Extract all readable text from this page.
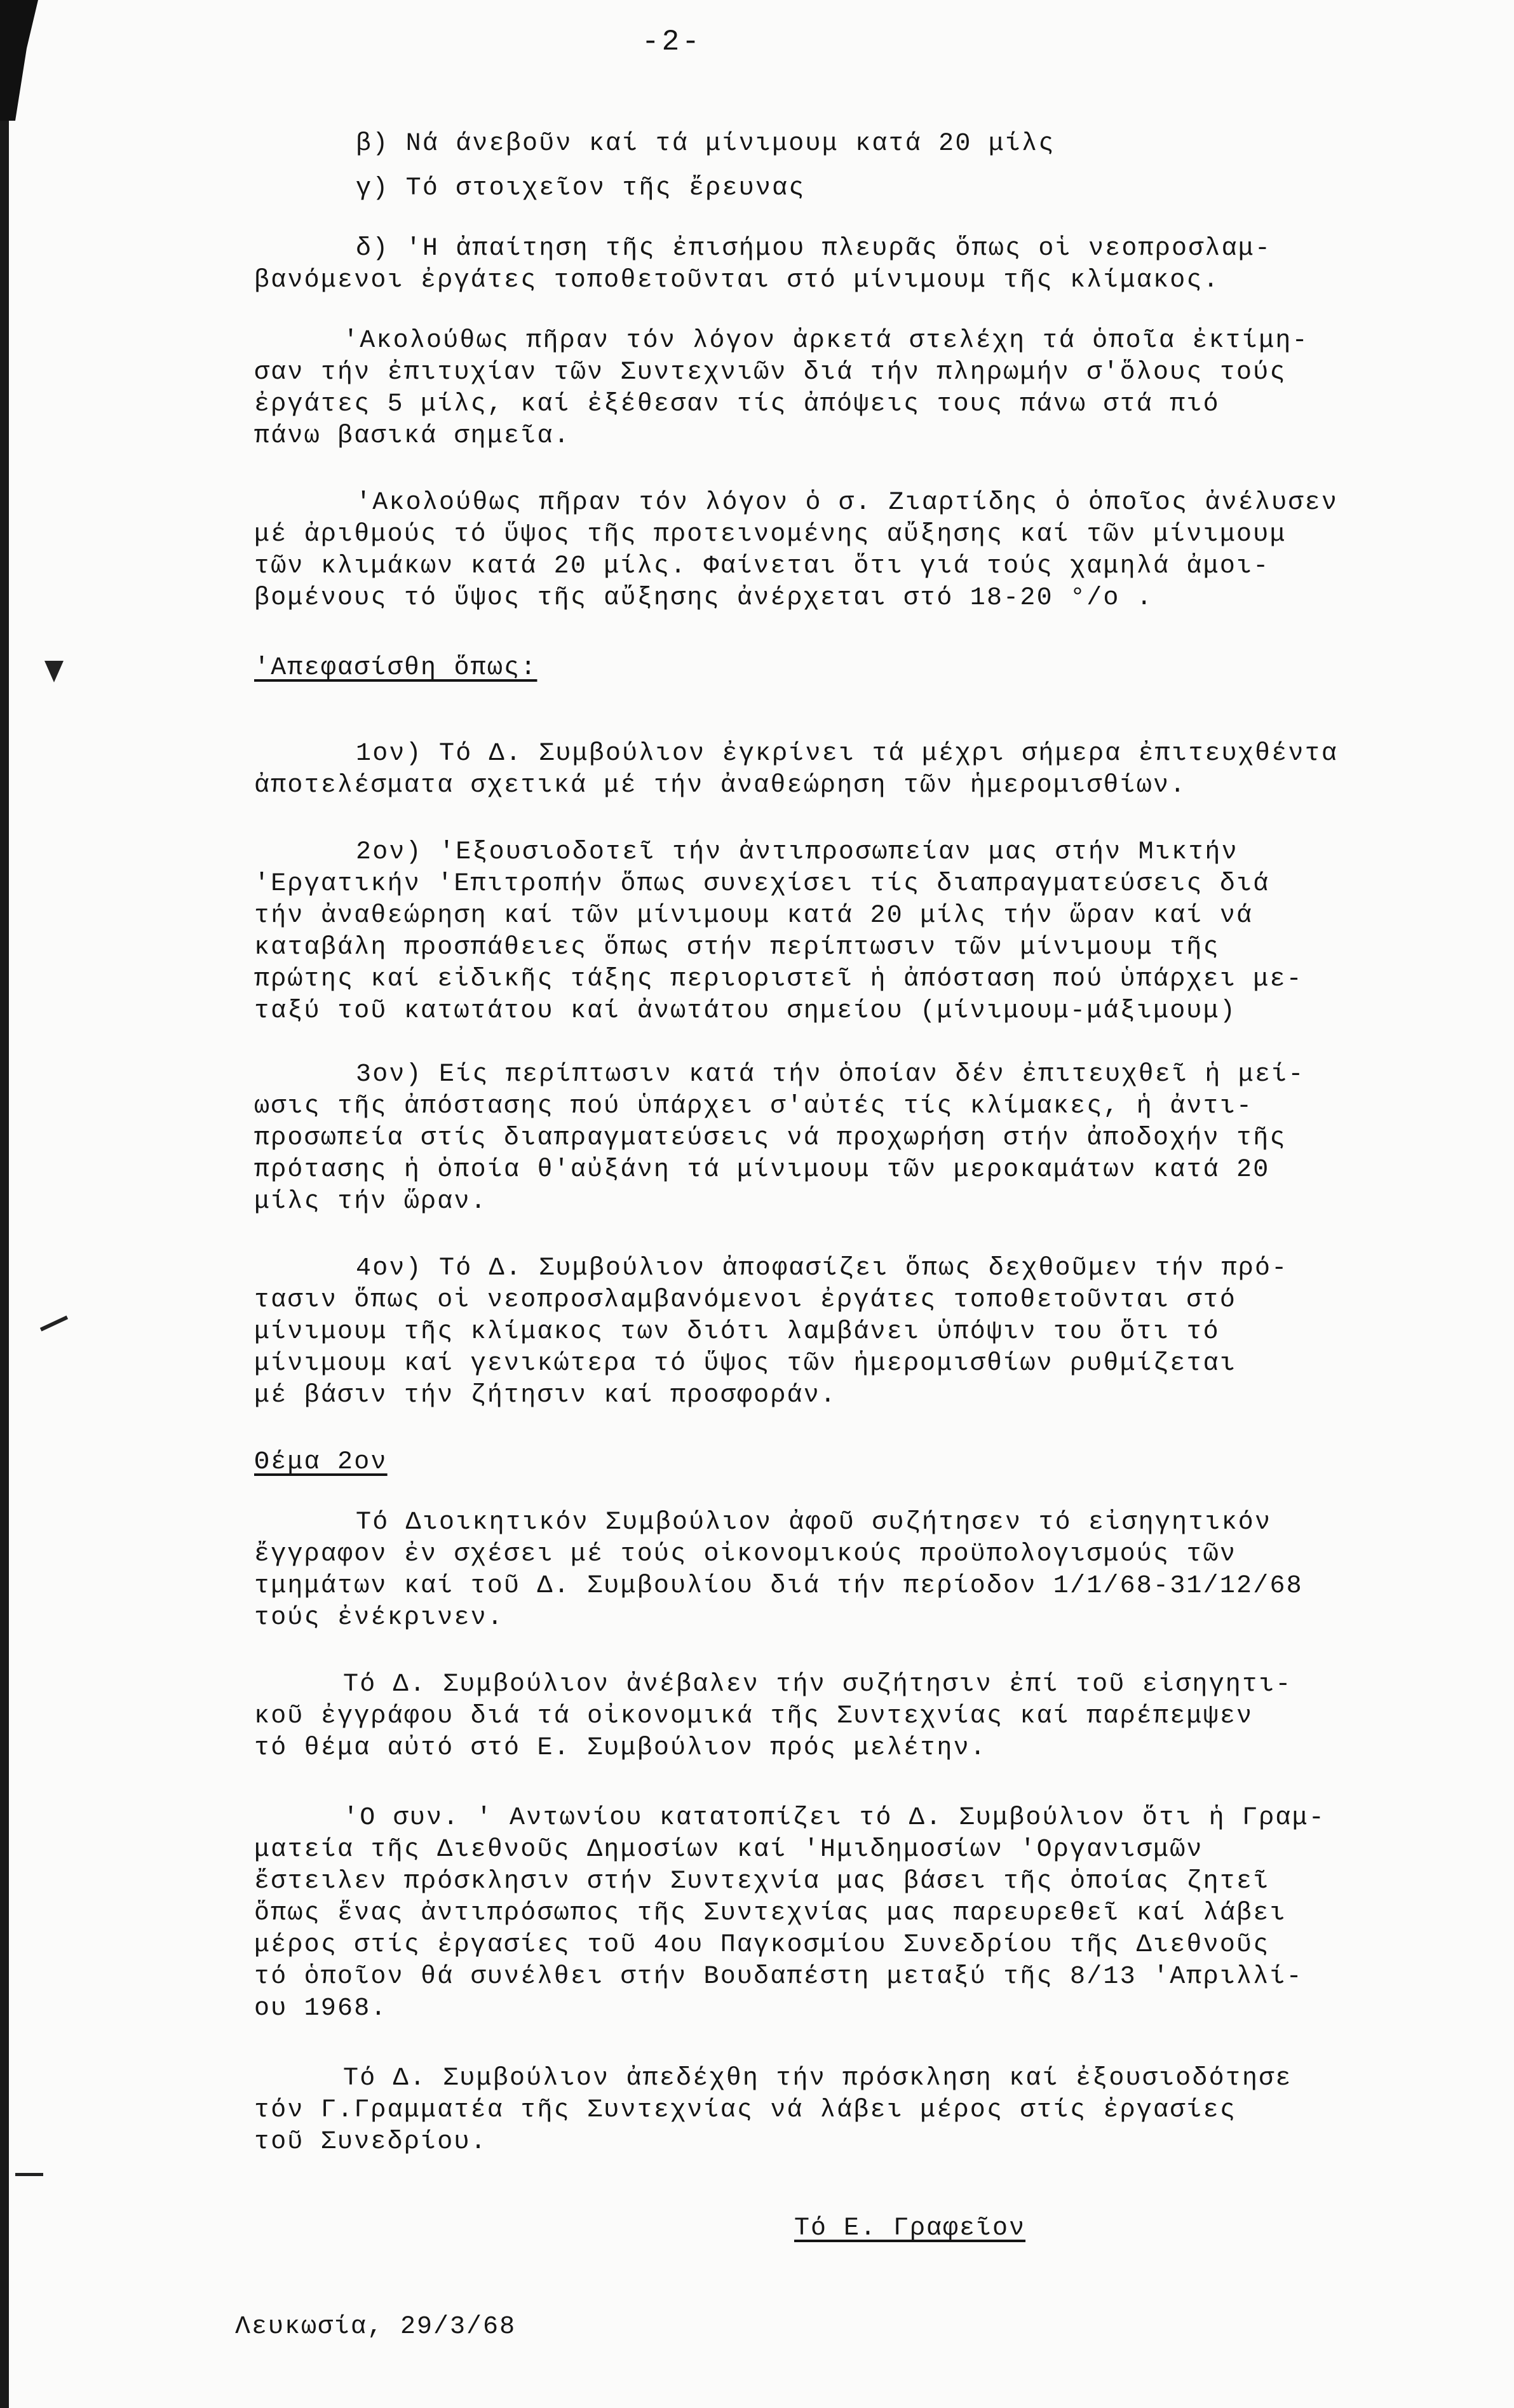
-2-
β) Νά άνεβοῦν καί τά μίνιμουμ κατά 20 μίλς
γ) Τό στοιχεῖον τῆς ἔρευνας
δ) 'Η ἀπαίτηση τῆς ἐπισήμου πλευρᾶς ὅπως οἱ νεοπροσλαμ-
βανόμενοι ἐργάτες τοποθετοῦνται στό μίνιμουμ τῆς κλίμακος.
'Ακολούθως πῆραν τόν λόγον ἀρκετά στελέχη τά ὁποῖα ἐκτίμη-
σαν τήν ἐπιτυχίαν τῶν Συντεχνιῶν διά τήν πληρωμήν σ'ὅλους τούς
ἐργάτες 5 μίλς, καί ἐξέθεσαν τίς ἀπόψεις τους πάνω στά πιό
πάνω βασικά σημεῖα.
'Ακολούθως πῆραν τόν λόγον ὁ σ. Ζιαρτίδης ὁ ὁποῖος ἀνέλυσεν
μέ ἀριθμούς τό ὕψος τῆς προτεινομένης αὔξησης καί τῶν μίνιμουμ
τῶν κλιμάκων κατά 20 μίλς. Φαίνεται ὅτι γιά τούς χαμηλά ἀμοι-
βομένους τό ὕψος τῆς αὔξησης ἀνέρχεται στό 18-20 °/ο .
'Απεφασίσθη ὅπως:
1ον) Τό Δ. Συμβούλιον ἐγκρίνει τά μέχρι σήμερα ἐπιτευχθέντα
ἀποτελέσματα σχετικά μέ τήν ἀναθεώρηση τῶν ἡμερομισθίων.
2ον) 'Εξουσιοδοτεῖ τήν ἀντιπροσωπείαν μας στήν Μικτήν
'Εργατικήν 'Επιτροπήν ὅπως συνεχίσει τίς διαπραγματεύσεις διά
τήν ἀναθεώρηση καί τῶν μίνιμουμ κατά 20 μίλς τήν ὥραν καί νά
καταβάλη προσπάθειες ὅπως στήν περίπτωσιν τῶν μίνιμουμ τῆς
πρώτης καί εἰδικῆς τάξης περιοριστεῖ ἡ ἀπόσταση πού ὑπάρχει με-
ταξύ τοῦ κατωτάτου καί ἀνωτάτου σημείου (μίνιμουμ-μάξιμουμ)
3ον) Είς περίπτωσιν κατά τήν ὁποίαν δέν ἐπιτευχθεῖ ἡ μεί-
ωσις τῆς ἀπόστασης πού ὑπάρχει σ'αὐτές τίς κλίμακες, ἡ ἀντι-
προσωπεία στίς διαπραγματεύσεις νά προχωρήση στήν ἀποδοχήν τῆς
πρότασης ἡ ὁποία θ'αὐξάνη τά μίνιμουμ τῶν μεροκαμάτων κατά 20
μίλς τήν ὥραν.
4ον) Τό Δ. Συμβούλιον ἀποφασίζει ὅπως δεχθοῦμεν τήν πρό-
τασιν ὅπως οἱ νεοπροσλαμβανόμενοι ἐργάτες τοποθετοῦνται στό
μίνιμουμ τῆς κλίμακος των διότι λαμβάνει ὑπόψιν του ὅτι τό
μίνιμουμ καί γενικώτερα τό ὕψος τῶν ἡμερομισθίων ρυθμίζεται
μέ βάσιν τήν ζήτησιν καί προσφοράν.
Θέμα 2ον
Τό Διοικητικόν Συμβούλιον ἀφοῦ συζήτησεν τό εἰσηγητικόν
ἔγγραφον ἐν σχέσει μέ τούς οἰκονομικούς προϋπολογισμούς τῶν
τμημάτων καί τοῦ Δ. Συμβουλίου διά τήν περίοδον 1/1/68-31/12/68
τούς ἐνέκρινεν.
Τό Δ. Συμβούλιον ἀνέβαλεν τήν συζήτησιν ἐπί τοῦ εἰσηγητι-
κοῦ ἐγγράφου διά τά οἰκονομικά τῆς Συντεχνίας καί παρέπεμψεν
τό θέμα αὐτό στό Ε. Συμβούλιον πρός μελέτην.
'Ο συν. ' Αντωνίου κατατοπίζει τό Δ. Συμβούλιον ὅτι ἡ Γραμ-
ματεία τῆς Διεθνοῦς Δημοσίων καί 'Ημιδημοσίων 'Οργανισμῶν
ἔστειλεν πρόσκλησιν στήν Συντεχνία μας βάσει τῆς ὁποίας ζητεῖ
ὅπως ἕνας ἀντιπρόσωπος τῆς Συντεχνίας μας παρευρεθεῖ καί λάβει
μέρος στίς ἐργασίες τοῦ 4ου Παγκοσμίου Συνεδρίου τῆς Διεθνοῦς
τό ὁποῖον θά συνέλθει στήν Βουδαπέστη μεταξύ τῆς 8/13 'Απριλλί-
ου 1968.
Τό Δ. Συμβούλιον ἀπεδέχθη τήν πρόσκληση καί ἐξουσιοδότησε
τόν Γ.Γραμματέα τῆς Συντεχνίας νά λάβει μέρος στίς ἐργασίες
τοῦ Συνεδρίου.
Τό Ε. Γραφεῖον
Λευκωσία, 29/3/68
